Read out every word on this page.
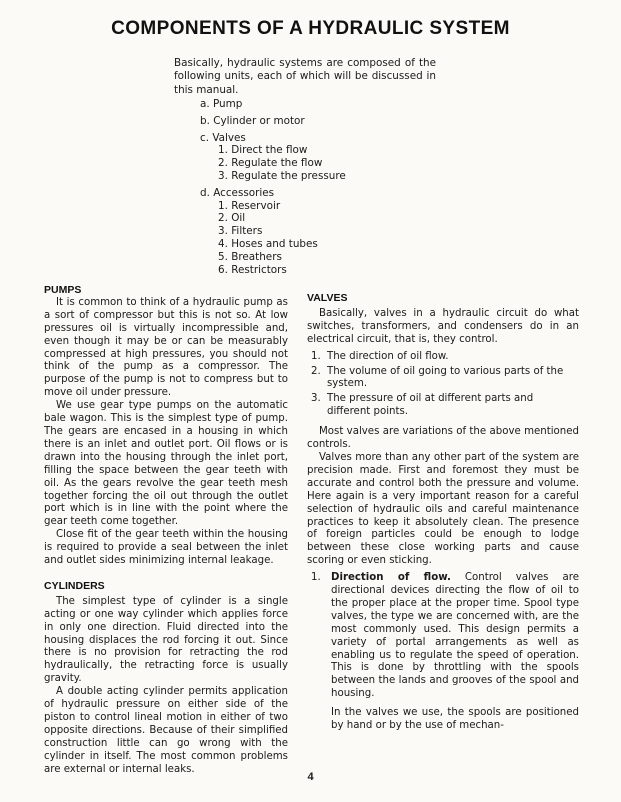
COMPONENTS OF A HYDRAULIC SYSTEM
Basically, hydraulic systems are composed of the following units, each of which will be discussed in this manual.
a. Pump
b. Cylinder or motor
c. Valves
1. Direct the flow
2. Regulate the flow
3. Regulate the pressure
d. Accessories
1. Reservoir
2. Oil
3. Filters
4. Hoses and tubes
5. Breathers
6. Restrictors
PUMPS

It is common to think of a hydraulic pump as a sort of compressor but this is not so. At low pressures oil is virtually incompressible and, even though it may be or can be measurably compressed at high pressures, you should not think of the pump as a compressor. The purpose of the pump is not to compress but to move oil under pressure.

We use gear type pumps on the automatic bale wagon. This is the simplest type of pump. The gears are encased in a housing in which there is an inlet and outlet port. Oil flows or is drawn into the housing through the inlet port, filling the space between the gear teeth with oil. As the gears revolve the gear teeth mesh together forcing the oil out through the outlet port which is in line with the point where the gear teeth come together.

Close fit of the gear teeth within the housing is required to provide a seal between the inlet and outlet sides minimizing internal leakage.

CYLINDERS

The simplest type of cylinder is a single acting or one way cylinder which applies force in only one direction. Fluid directed into the housing displaces the rod forcing it out. Since there is no provision for retracting the rod hydraulically, the retracting force is usually gravity.

A double acting cylinder permits application of hydraulic pressure on either side of the piston to control lineal motion in either of two opposite directions. Because of their simplified construction little can go wrong with the cylinder in itself. The most common problems are external or internal leaks.

VALVES

Basically, valves in a hydraulic circuit do what switches, transformers, and condensers do in an electrical circuit, that is, they control.

1. The direction of oil flow.
2. The volume of oil going to various parts of the system.
3. The pressure of oil at different parts and different points.

Most valves are variations of the above mentioned controls.

Valves more than any other part of the system are precision made. First and foremost they must be accurate and control both the pressure and volume. Here again is a very important reason for a careful selection of hydraulic oils and careful maintenance practices to keep it absolutely clean. The presence of foreign particles could be enough to lodge between these close working parts and cause scoring or even sticking.

1.	Direction of flow. Control valves are directional devices directing the flow of oil to the proper place at the proper time. Spool type valves, the type we are concerned with, are the most commonly used. This design permits a variety of portal arrangements as well as enabling us to regulate the speed of operation. This is done by throttling with the spools between the lands and grooves of the spool and housing.

In the valves we use, the spools are positioned by hand or by the use of mechan-

4
